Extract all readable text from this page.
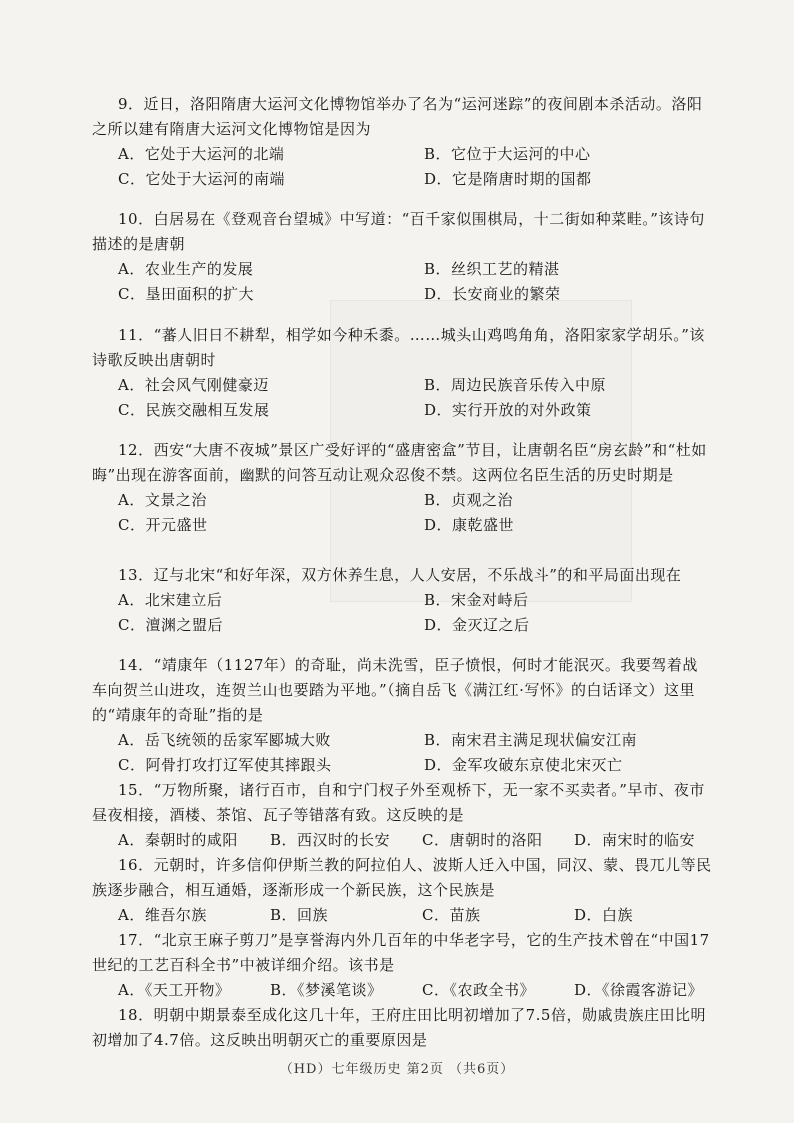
9．近日，洛阳隋唐大运河文化博物馆举办了名为“运河迷踪”的夜间剧本杀活动。洛阳之所以建有隋唐大运河文化博物馆是因为

A．它处于大运河的北端	B．它位于大运河的中心
C．它处于大运河的南端	D．它是隋唐时期的国都

10．白居易在《登观音台望城》中写道：“百千家似围棋局，十二街如种菜畦。”该诗句描述的是唐朝

A．农业生产的发展	B．丝织工艺的精湛
C．垦田面积的扩大	D．长安商业的繁荣

11．“蕃人旧日不耕犁，相学如今种禾黍。……城头山鸡鸣角角，洛阳家家学胡乐。”该诗歌反映出唐朝时

A．社会风气刚健豪迈	B．周边民族音乐传入中原
C．民族交融相互发展	D．实行开放的对外政策

12．西安“大唐不夜城”景区广受好评的“盛唐密盒”节目，让唐朝名臣“房玄龄”和“杜如晦”出现在游客面前，幽默的问答互动让观众忍俊不禁。这两位名臣生活的历史时期是

A．文景之治	B．贞观之治
C．开元盛世	D．康乾盛世

13．辽与北宋“和好年深，双方休养生息，人人安居，不乐战斗”的和平局面出现在

A．北宋建立后	B．宋金对峙后
C．澶渊之盟后	D．金灭辽之后

14．“靖康年（1127年）的奇耻，尚未洗雪，臣子愤恨，何时才能泯灭。我要驾着战车向贺兰山进攻，连贺兰山也要踏为平地。”（摘自岳飞《满江红·写怀》的白话译文）这里的“靖康年的奇耻”指的是

A．岳飞统领的岳家军郾城大败	B．南宋君主满足现状偏安江南
C．阿骨打攻打辽军使其摔跟头	D．金军攻破东京使北宋灭亡

15．“万物所聚，诸行百市，自和宁门杈子外至观桥下，无一家不买卖者。”早市、夜市昼夜相接，酒楼、茶馆、瓦子等错落有致。这反映的是

A．秦朝时的咸阳	B．西汉时的长安	C．唐朝时的洛阳	D．南宋时的临安

16．元朝时，许多信仰伊斯兰教的阿拉伯人、波斯人迁入中国，同汉、蒙、畏兀儿等民族逐步融合，相互通婚，逐渐形成一个新民族，这个民族是

A．维吾尔族	B．回族	C．苗族	D．白族

17．“北京王麻子剪刀”是享誉海内外几百年的中华老字号，它的生产技术曾在“中国17世纪的工艺百科全书”中被详细介绍。该书是

A．《天工开物》	B．《梦溪笔谈》	C．《农政全书》	D．《徐霞客游记》

18．明朝中期景泰至成化这几十年，王府庄田比明初增加了7.5倍，勋戚贵族庄田比明初增加了4.7倍。这反映出明朝灭亡的重要原因是

（HD）七年级历史 第2页 （共6页）
